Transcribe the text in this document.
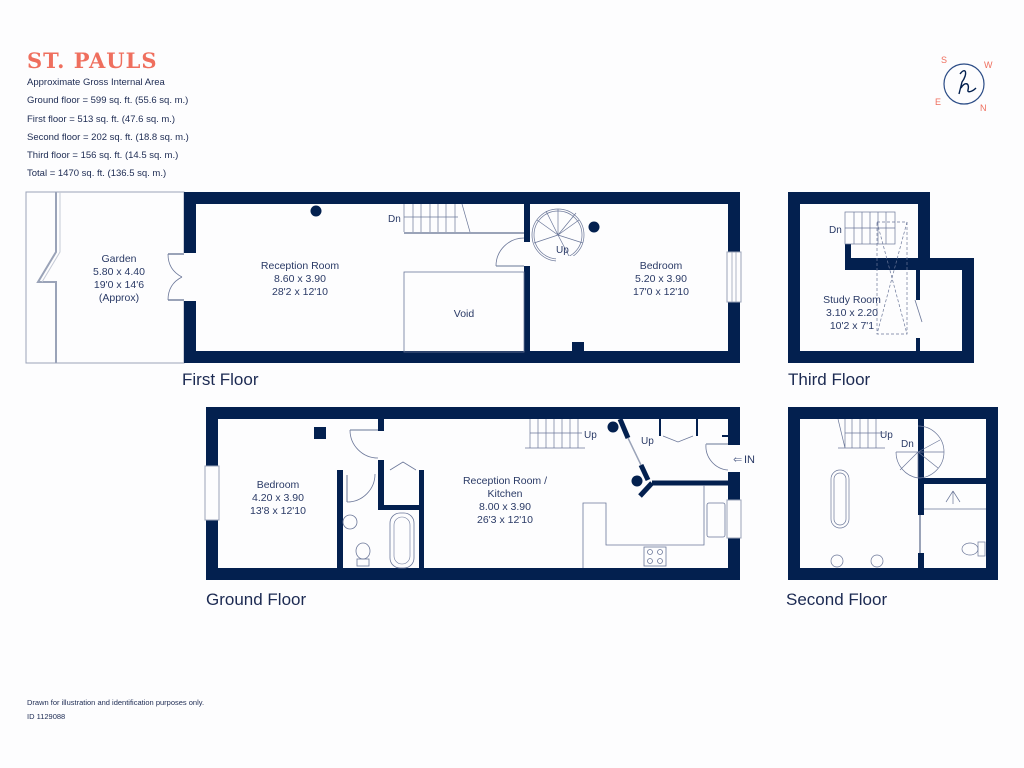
ST. PAULS
Approximate Gross Internal Area
Ground floor = 599 sq. ft. (55.6 sq. m.)
First floor = 513 sq. ft. (47.6 sq. m.)
Second floor = 202 sq. ft. (18.8 sq. m.)
Third floor = 156 sq. ft. (14.5 sq. m.)
Total = 1470 sq. ft. (136.5 sq. m.)
S	W
E
N
Dn
Up
Garden
5.80 x 4.40
19'0 x 14'6
(Approx)
Reception Room
8.60 x 3.90
28'2 x 12'10
Void
Bedroom
5.20 x 3.90
17'0 x 12'10
Dn
Study Room
3.10 x 2.20
10'2 x 7'1
Bedroom
4.20 x 3.90
13'8 x 12'10
Reception Room /
Kitchen
8.00 x 3.90
26'3 x 12'10
Up
Up
⇐ IN
Up
Dn
First Floor	Third Floor
Ground Floor	Second Floor
Drawn for illustration and identification purposes only.
ID 1129088
